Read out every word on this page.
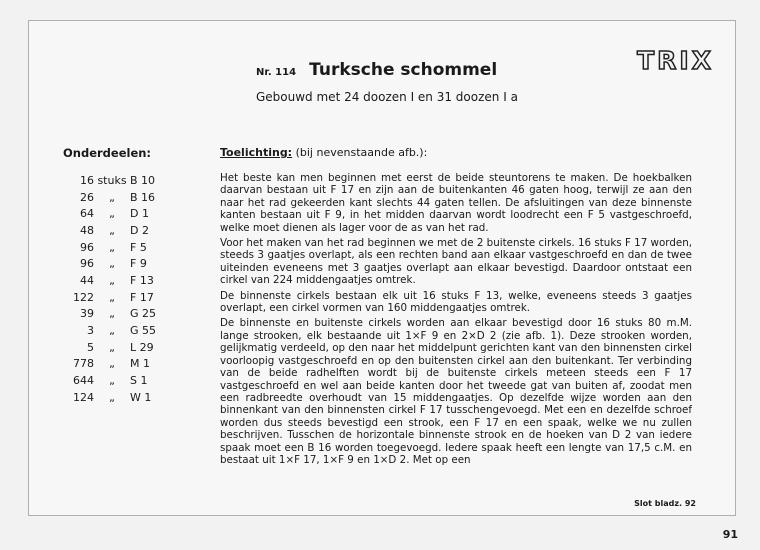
TRIX
Nr. 114 Turksche schommel
Gebouwd met 24 doozen I en 31 doozen I a
Onderdeelen:
16 stuks B 10
26	„	B 16
64	„	D 1
48	„	D 2
96	„	F 5
96	„	F 9
44	„	F 13
122	„	F 17
39	„	G 25
3	„	G 55
5	„	L 29
778	„	M 1
644	„	S 1
124	„	W 1
Toelichting: (bij nevenstaande afb.):

Het beste kan men beginnen met eerst de beide steuntorens te maken. De hoekbalken daarvan bestaan uit F 17 en zijn aan de buitenkanten 46 gaten hoog, terwijl ze aan den naar het rad gekeerden kant slechts 44 gaten tellen. De afsluitingen van deze binnenste kanten bestaan uit F 9, in het midden daarvan wordt loodrecht een F 5 vastgeschroefd, welke moet dienen als lager voor de as van het rad.

Voor het maken van het rad beginnen we met de 2 buitenste cirkels. 16 stuks F 17 worden, steeds 3 gaatjes overlapt, als een rechten band aan elkaar vastgeschroefd en dan de twee uiteinden eveneens met 3 gaatjes overlapt aan elkaar bevestigd. Daardoor ontstaat een cirkel van 224 middengaatjes omtrek.

De binnenste cirkels bestaan elk uit 16 stuks F 13, welke, eveneens steeds 3 gaatjes overlapt, een cirkel vormen van 160 middengaatjes omtrek.

De binnenste en buitenste cirkels worden aan elkaar bevestigd door 16 stuks 80 m.M. lange strooken, elk bestaande uit 1×F 9 en 2×D 2 (zie afb. 1). Deze strooken worden, gelijkmatig verdeeld, op den naar het middelpunt gerichten kant van den binnensten cirkel voorloopig vastgeschroefd en op den buitensten cirkel aan den buitenkant. Ter verbinding van de beide radhelften wordt bij de buitenste cirkels meteen steeds een F 17 vastgeschroefd en wel aan beide kanten door het tweede gat van buiten af, zoodat men een radbreedte overhoudt van 15 middengaatjes. Op dezelfde wijze worden aan den binnenkant van den binnensten cirkel F 17 tusschengevoegd. Met een en dezelfde schroef worden dus steeds bevestigd een strook, een F 17 en een spaak, welke we nu zullen beschrijven. Tusschen de horizontale binnenste strook en de hoeken van D 2 van iedere spaak moet een B 16 worden toegevoegd. Iedere spaak heeft een lengte van 17,5 c.M. en bestaat uit 1×F 17, 1×F 9 en 1×D 2. Met op een

Slot bladz. 92
91
